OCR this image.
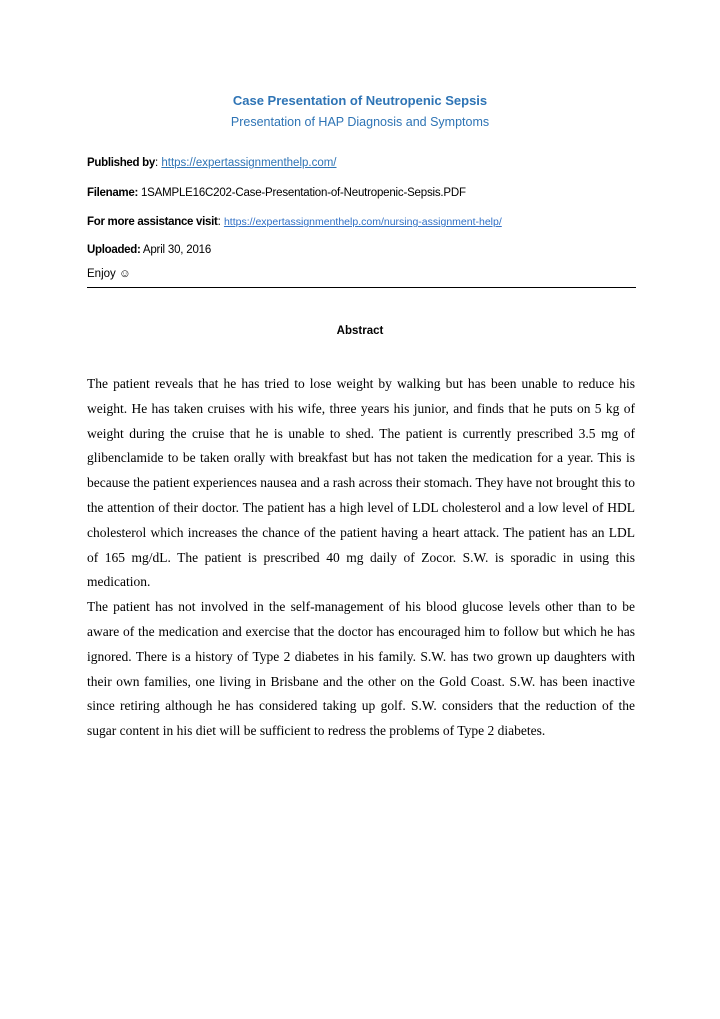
Case Presentation of Neutropenic Sepsis
Presentation of HAP Diagnosis and Symptoms
Published by: https://expertassignmenthelp.com/
Filename: 1SAMPLE16C202-Case-Presentation-of-Neutropenic-Sepsis.PDF
For more assistance visit: https://expertassignmenthelp.com/nursing-assignment-help/
Uploaded: April 30, 2016
Enjoy ☺
Abstract

The patient reveals that he has tried to lose weight by walking but has been unable to reduce his weight. He has taken cruises with his wife, three years his junior, and finds that he puts on 5 kg of weight during the cruise that he is unable to shed. The patient is currently prescribed 3.5 mg of glibenclamide to be taken orally with breakfast but has not taken the medication for a year. This is because the patient experiences nausea and a rash across their stomach. They have not brought this to the attention of their doctor. The patient has a high level of LDL cholesterol and a low level of HDL cholesterol which increases the chance of the patient having a heart attack. The patient has an LDL of 165 mg/dL. The patient is prescribed 40 mg daily of Zocor. S.W. is sporadic in using this medication.

The patient has not involved in the self-management of his blood glucose levels other than to be aware of the medication and exercise that the doctor has encouraged him to follow but which he has ignored. There is a history of Type 2 diabetes in his family. S.W. has two grown up daughters with their own families, one living in Brisbane and the other on the Gold Coast. S.W. has been inactive since retiring although he has considered taking up golf. S.W. considers that the reduction of the sugar content in his diet will be sufficient to redress the problems of Type 2 diabetes.
